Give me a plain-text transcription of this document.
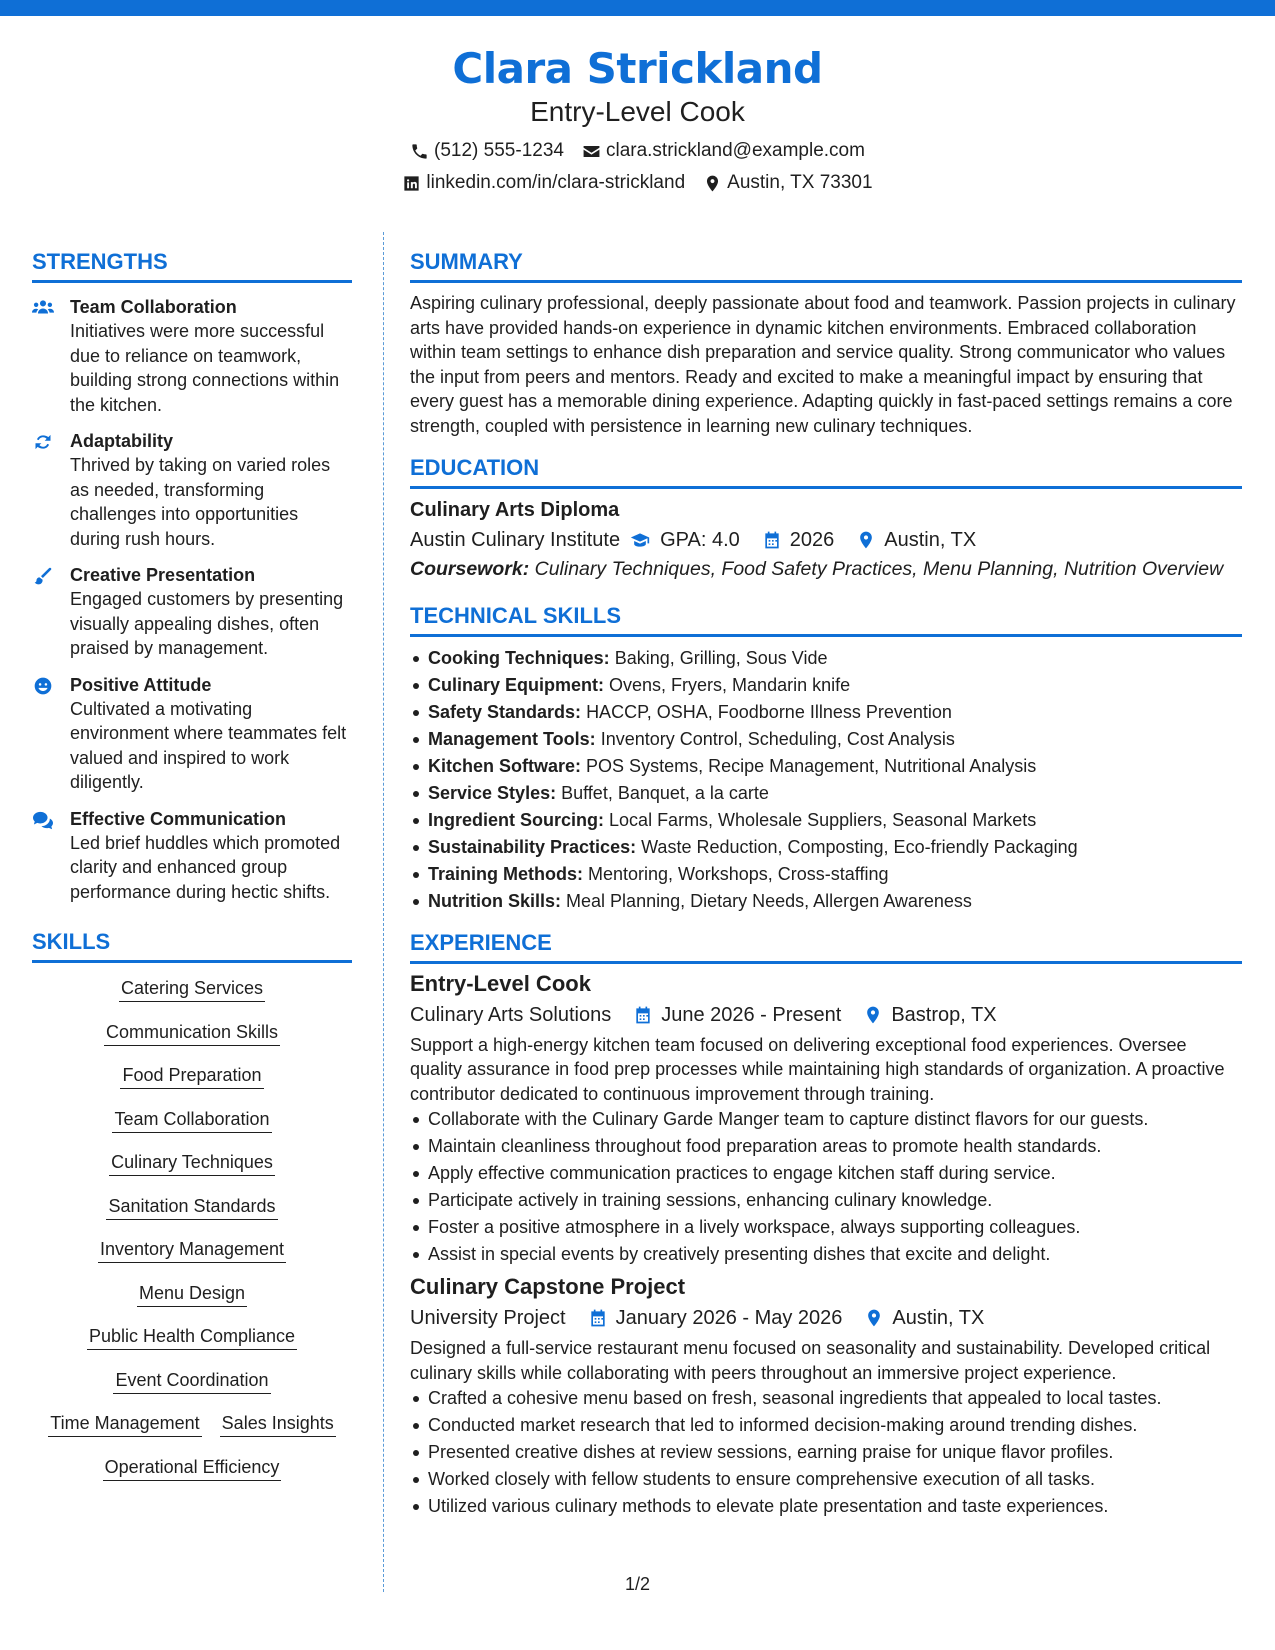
Clara Strickland
Entry-Level Cook
(512) 555-1234 clara.strickland@example.com
linkedin.com/in/clara-strickland Austin, TX 73301
STRENGTHS
Team Collaboration
Initiatives were more successful due to reliance on teamwork, building strong connections within the kitchen.
Adaptability
Thrived by taking on varied roles as needed, transforming challenges into opportunities during rush hours.
Creative Presentation
Engaged customers by presenting visually appealing dishes, often praised by management.
Positive Attitude
Cultivated a motivating environment where teammates felt valued and inspired to work diligently.
Effective Communication
Led brief huddles which promoted clarity and enhanced group performance during hectic shifts.
SKILLS
Catering Services
Communication Skills
Food Preparation
Team Collaboration
Culinary Techniques
Sanitation Standards
Inventory Management
Menu Design
Public Health Compliance
Event Coordination
Time Management Sales Insights
Operational Efficiency
SUMMARY
Aspiring culinary professional, deeply passionate about food and teamwork. Passion projects in culinary arts have provided hands-on experience in dynamic kitchen environments. Embraced collaboration within team settings to enhance dish preparation and service quality. Strong communicator who values the input from peers and mentors. Ready and excited to make a meaningful impact by ensuring that every guest has a memorable dining experience. Adapting quickly in fast-paced settings remains a core strength, coupled with persistence in learning new culinary techniques.
EDUCATION
Culinary Arts Diploma
Austin Culinary Institute GPA: 4.0	2026	Austin, TX
Coursework: Culinary Techniques, Food Safety Practices, Menu Planning, Nutrition Overview
TECHNICAL SKILLS
Cooking Techniques: Baking, Grilling, Sous Vide
Culinary Equipment: Ovens, Fryers, Mandarin knife
Safety Standards: HACCP, OSHA, Foodborne Illness Prevention
Management Tools: Inventory Control, Scheduling, Cost Analysis
Kitchen Software: POS Systems, Recipe Management, Nutritional Analysis
Service Styles: Buffet, Banquet, a la carte
Ingredient Sourcing: Local Farms, Wholesale Suppliers, Seasonal Markets
Sustainability Practices: Waste Reduction, Composting, Eco-friendly Packaging
Training Methods: Mentoring, Workshops, Cross-staffing
Nutrition Skills: Meal Planning, Dietary Needs, Allergen Awareness
EXPERIENCE
Entry-Level Cook
Culinary Arts Solutions	June 2026 - Present	Bastrop, TX
Support a high-energy kitchen team focused on delivering exceptional food experiences. Oversee quality assurance in food prep processes while maintaining high standards of organization. A proactive contributor dedicated to continuous improvement through training.
Collaborate with the Culinary Garde Manger team to capture distinct flavors for our guests.
Maintain cleanliness throughout food preparation areas to promote health standards.
Apply effective communication practices to engage kitchen staff during service.
Participate actively in training sessions, enhancing culinary knowledge.
Foster a positive atmosphere in a lively workspace, always supporting colleagues.
Assist in special events by creatively presenting dishes that excite and delight.
Culinary Capstone Project
University Project	January 2026 - May 2026	Austin, TX
Designed a full-service restaurant menu focused on seasonality and sustainability. Developed critical culinary skills while collaborating with peers throughout an immersive project experience.
Crafted a cohesive menu based on fresh, seasonal ingredients that appealed to local tastes.
Conducted market research that led to informed decision-making around trending dishes.
Presented creative dishes at review sessions, earning praise for unique flavor profiles.
Worked closely with fellow students to ensure comprehensive execution of all tasks.
Utilized various culinary methods to elevate plate presentation and taste experiences.
1/2
